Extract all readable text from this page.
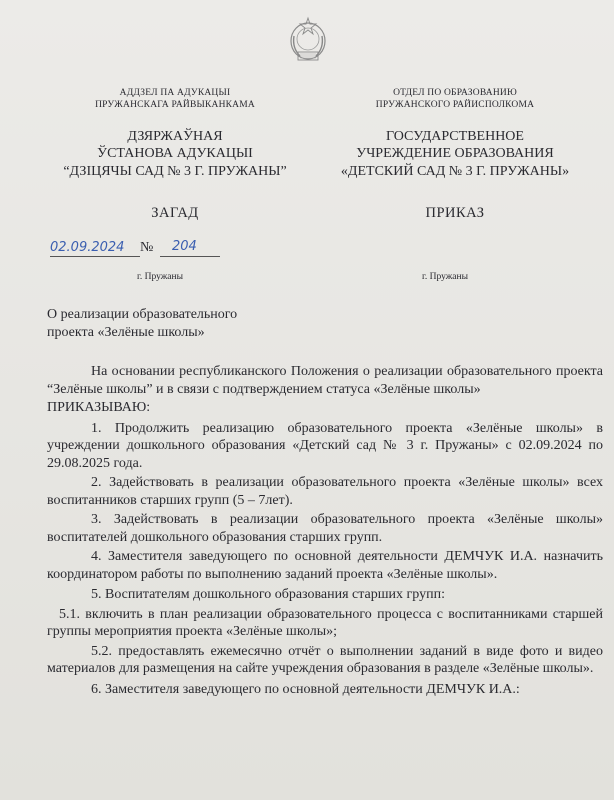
АДДЗЕЛ ПА АДУКАЦЫІ
ПРУЖАНСКАГА РАЙВЫКАНКАМА
ДЗЯРЖАЎНАЯ
ЎСТАНОВА АДУКАЦЫІ
“ДЗІЦЯЧЫ САД № 3 Г. ПРУЖАНЫ”
ЗАГАД
ОТДЕЛ ПО ОБРАЗОВАНИЮ
ПРУЖАНСКОГО РАЙИСПОЛКОМА
ГОСУДАРСТВЕННОЕ
УЧРЕЖДЕНИЕ ОБРАЗОВАНИЯ
«ДЕТСКИЙ САД № 3 Г. ПРУЖАНЫ»
ПРИКАЗ
02.09.2024 № 204
г. Пружаны	г. Пружаны
О реализации образовательного
проекта «Зелёные школы»

На основании республиканского Положения о реализации образовательного проекта “Зелёные школы” и в связи с подтверждением статуса «Зелёные школы»

ПРИКАЗЫВАЮ:

1. Продолжить реализацию образовательного проекта «Зелёные школы» в учреждении дошкольного образования «Детский сад № 3 г. Пружаны» с 02.09.2024 по 29.08.2025 года.

2. Задействовать в реализации образовательного проекта «Зелёные школы» всех воспитанников старших групп (5 – 7лет).

3. Задействовать в реализации образовательного проекта «Зелёные школы» воспитателей дошкольного образования старших групп.

4. Заместителя заведующего по основной деятельности ДЕМЧУК И.А. назначить координатором работы по выполнению заданий проекта «Зелёные школы».

5. Воспитателям дошкольного образования старших групп:

5.1. включить в план реализации образовательного процесса с воспитанниками старшей группы мероприятия проекта «Зелёные школы»;

5.2. предоставлять ежемесячно отчёт о выполнении заданий в виде фото и видео материалов для размещения на сайте учреждения образования в разделе «Зелёные школы».

6. Заместителя заведующего по основной деятельности ДЕМЧУК И.А.:
